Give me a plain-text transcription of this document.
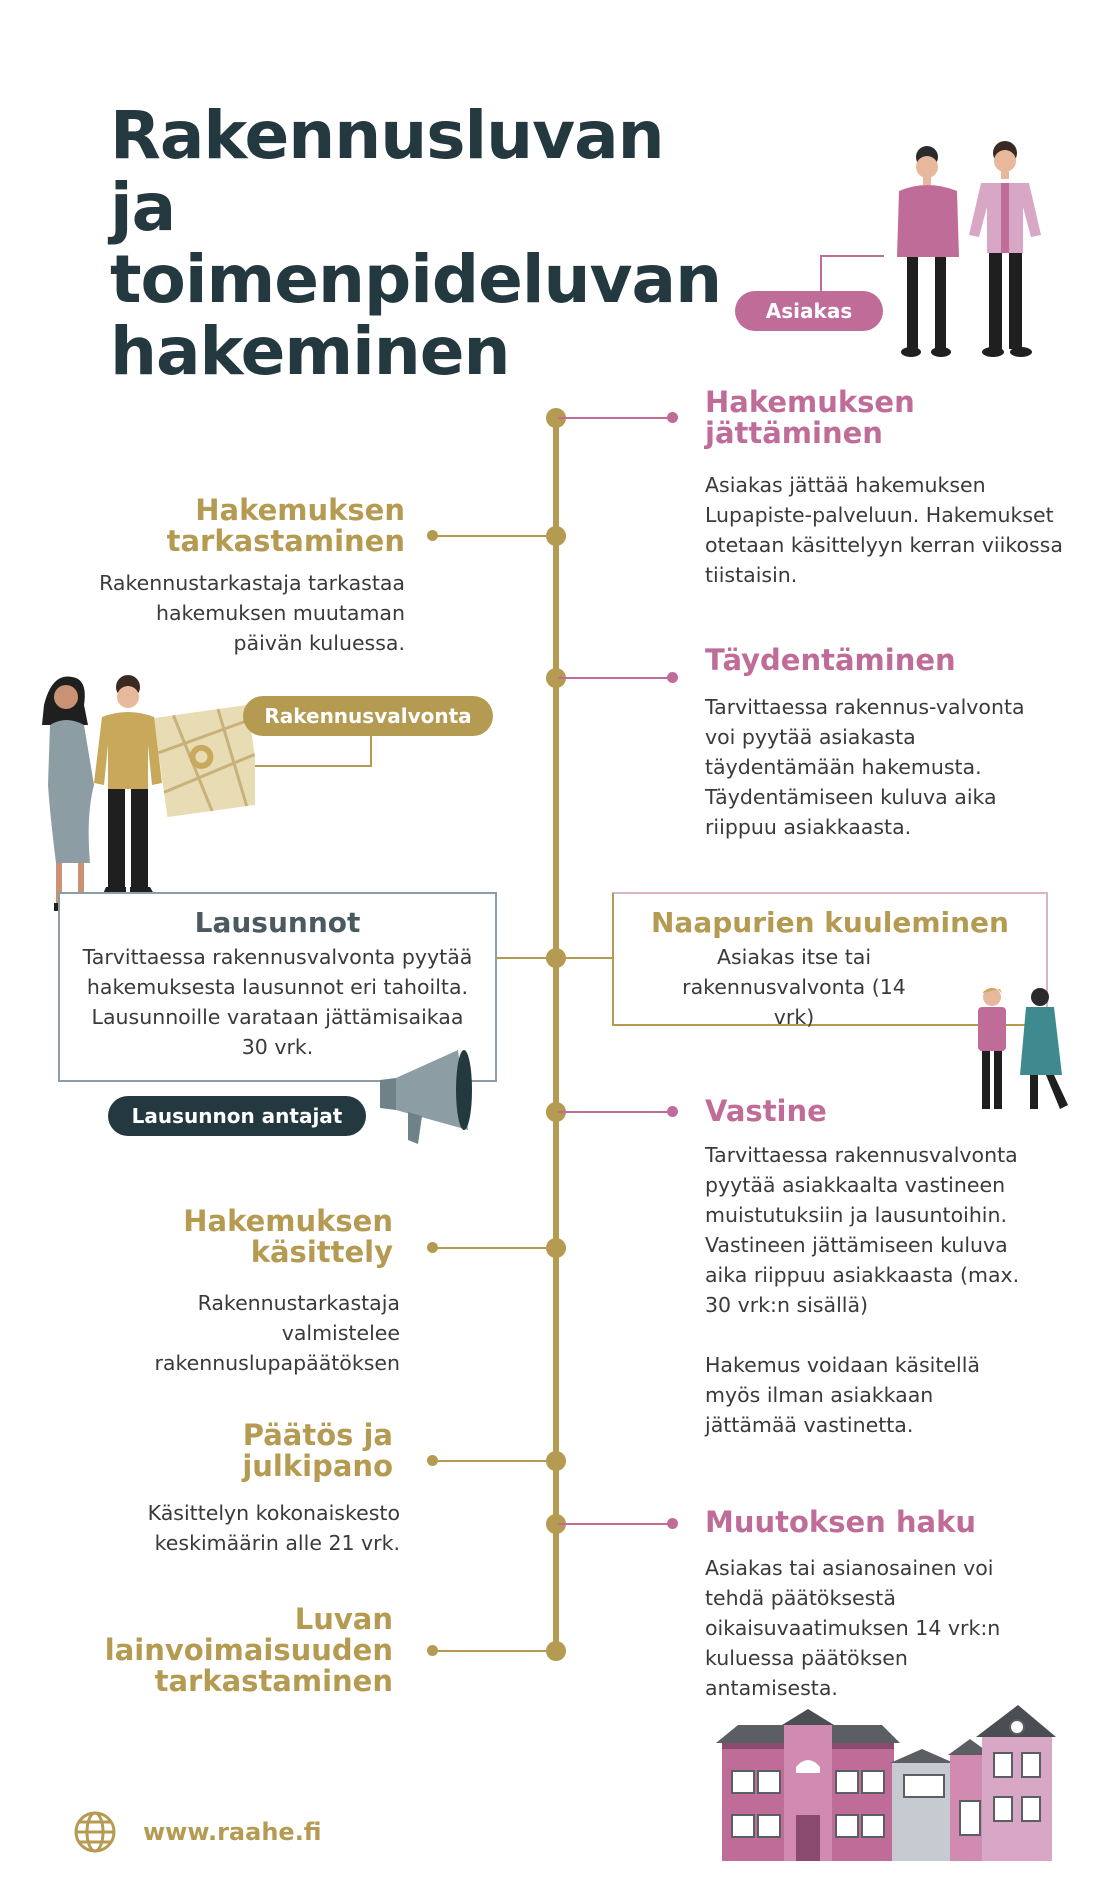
Rakennusluvan ja toimenpideluvan hakeminen
Asiakas
Hakemuksen jättäminen

Asiakas jättää hakemuksen Lupapiste-palveluun. Hakemukset otetaan käsittelyyn kerran viikossa tiistaisin.

Hakemuksen tarkastaminen

Rakennustarkastaja tarkastaa hakemuksen muutaman päivän kuluessa.	Täydentäminen

Tarvittaessa rakennus-valvonta voi pyytää asiakasta täydentämään hakemusta. Täydentämiseen kuluva aika riippuu asiakkaasta.

Rakennusvalvonta
Lausunnot

Tarvittaessa rakennusvalvonta pyytää hakemuksesta lausunnot eri tahoilta. Lausunnoille varataan jättämisaikaa 30 vrk.

Lausunnon antajat
Naapurien kuuleminen

Asiakas itse tai rakennusvalvonta (14 vrk)

Vastine

Tarvittaessa rakennusvalvonta pyytää asiakkaalta vastineen muistutuksiin ja lausuntoihin. Vastineen jättämiseen kuluva aika riippuu asiakkaasta (max. 30 vrk:n sisällä)

Hakemus voidaan käsitellä myös ilman asiakkaan jättämää vastinetta.

Hakemuksen käsittely

Rakennustarkastaja valmistelee rakennuslupapäätöksen

Päätös ja julkipano

Käsittelyn kokonaiskesto keskimäärin alle 21 vrk.

Muutoksen haku

Asiakas tai asianosainen voi tehdä päätöksestä oikaisuvaatimuksen 14 vrk:n kuluessa päätöksen antamisesta.

Luvan lainvoimaisuuden tarkastaminen
www.raahe.fi
